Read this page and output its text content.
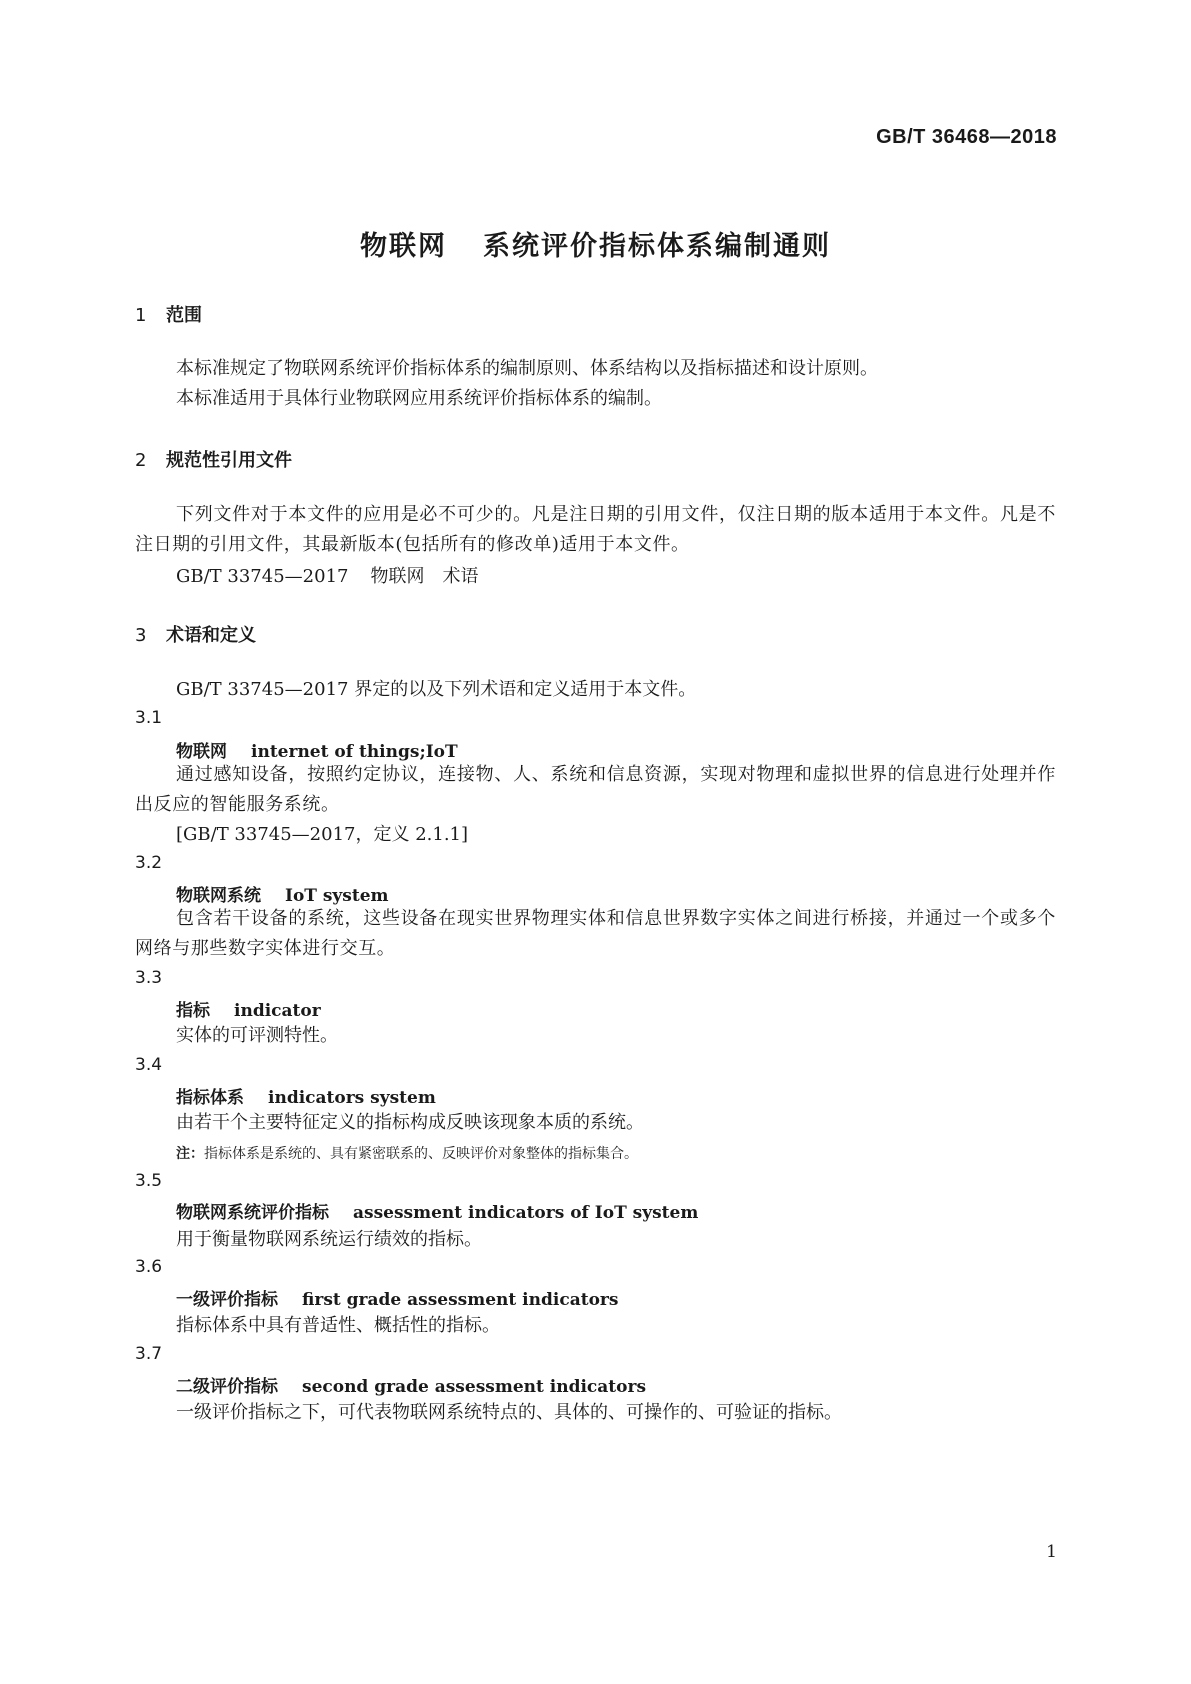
GB/T 36468—2018
物联网 系统评价指标体系编制通则
1 范围
本标准规定了物联网系统评价指标体系的编制原则、体系结构以及指标描述和设计原则。
本标准适用于具体行业物联网应用系统评价指标体系的编制。
2 规范性引用文件
下列文件对于本文件的应用是必不可少的。凡是注日期的引用文件，仅注日期的版本适用于本文件。凡是不注日期的引用文件，其最新版本(包括所有的修改单)适用于本文件。
GB/T 33745—2017 物联网　术语
3 术语和定义
GB/T 33745—2017 界定的以及下列术语和定义适用于本文件。
3.1
物联网 internet of things;IoT
通过感知设备，按照约定协议，连接物、人、系统和信息资源，实现对物理和虚拟世界的信息进行处理并作出反应的智能服务系统。
[GB/T 33745—2017，定义 2.1.1]
3.2
物联网系统 IoT system
包含若干设备的系统，这些设备在现实世界物理实体和信息世界数字实体之间进行桥接，并通过一个或多个网络与那些数字实体进行交互。
3.3
指标 indicator
实体的可评测特性。
3.4
指标体系 indicators system
由若干个主要特征定义的指标构成反映该现象本质的系统。
注：指标体系是系统的、具有紧密联系的、反映评价对象整体的指标集合。
3.5
物联网系统评价指标 assessment indicators of IoT system
用于衡量物联网系统运行绩效的指标。
3.6
一级评价指标 first grade assessment indicators
指标体系中具有普适性、概括性的指标。
3.7
二级评价指标 second grade assessment indicators
一级评价指标之下，可代表物联网系统特点的、具体的、可操作的、可验证的指标。
1
